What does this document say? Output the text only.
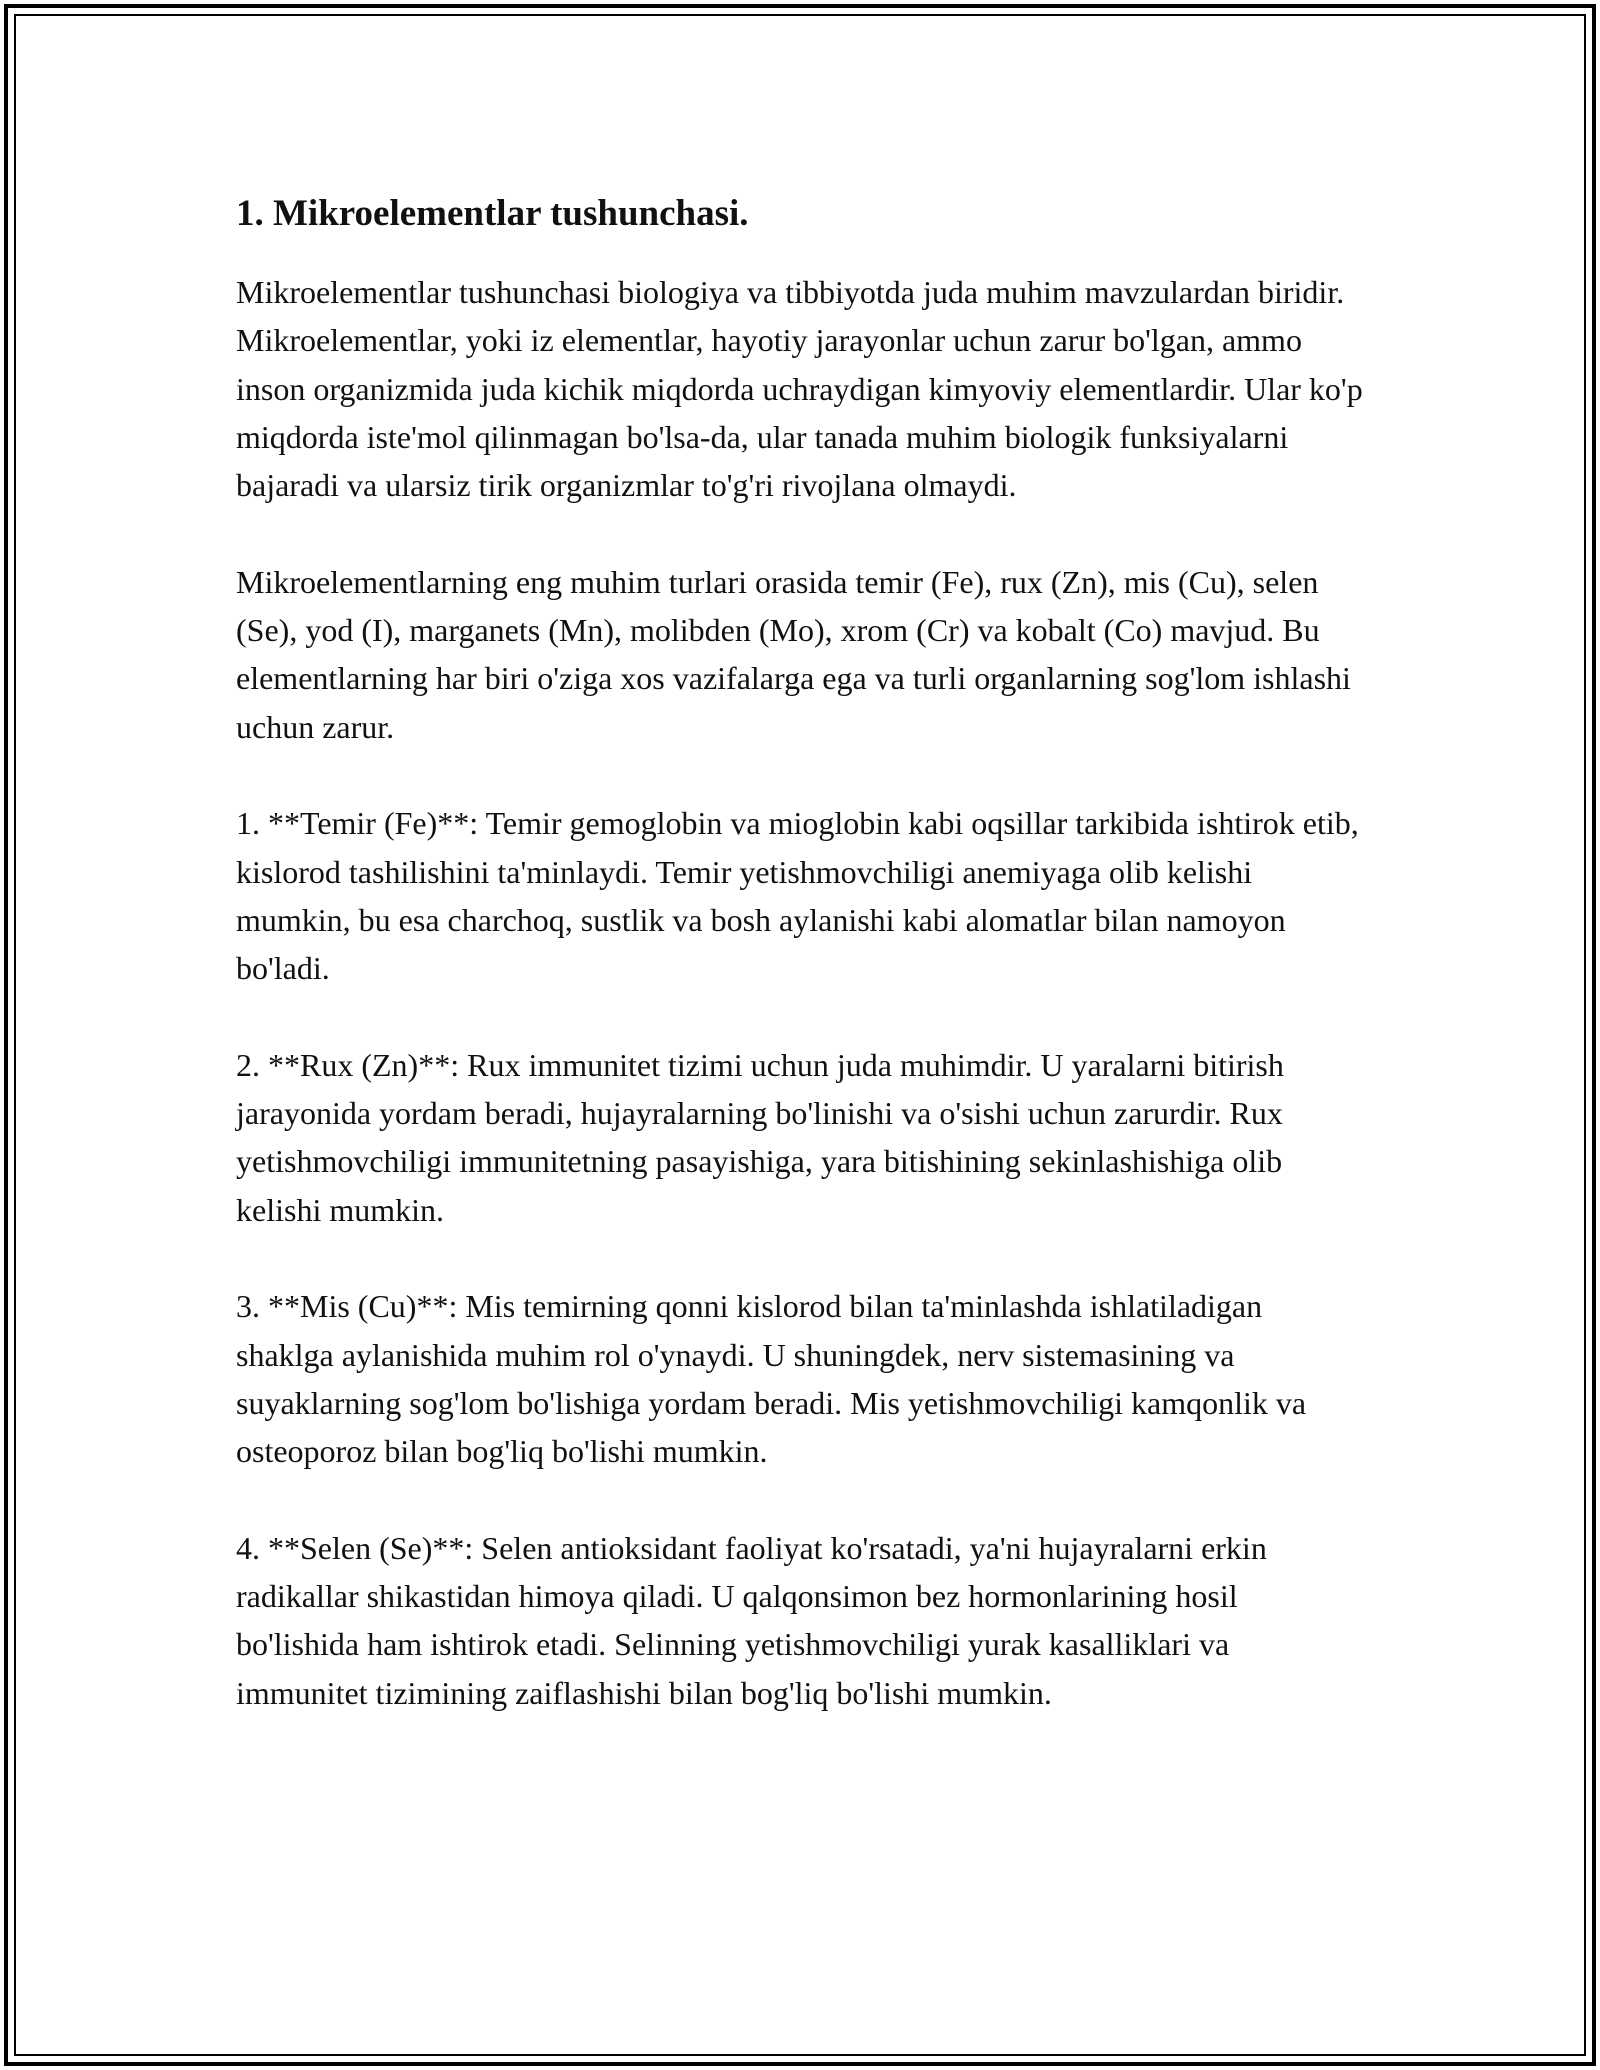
1. Mikroelementlar tushunchasi.

Mikroelementlar tushunchasi biologiya va tibbiyotda juda muhim mavzulardan biridir. Mikroelementlar, yoki iz elementlar, hayotiy jarayonlar uchun zarur bo'lgan, ammo inson organizmida juda kichik miqdorda uchraydigan kimyoviy elementlardir. Ular ko'p miqdorda iste'mol qilinmagan bo'lsa-da, ular tanada muhim biologik funksiyalarni bajaradi va ularsiz tirik organizmlar to'g'ri rivojlana olmaydi.

Mikroelementlarning eng muhim turlari orasida temir (Fe), rux (Zn), mis (Cu), selen (Se), yod (I), marganets (Mn), molibden (Mo), xrom (Cr) va kobalt (Co) mavjud. Bu elementlarning har biri o'ziga xos vazifalarga ega va turli organlarning sog'lom ishlashi uchun zarur.

1. **Temir (Fe)**: Temir gemoglobin va mioglobin kabi oqsillar tarkibida ishtirok etib, kislorod tashilishini ta'minlaydi. Temir yetishmovchiligi anemiyaga olib kelishi mumkin, bu esa charchoq, sustlik va bosh aylanishi kabi alomatlar bilan namoyon bo'ladi.

2. **Rux (Zn)**: Rux immunitet tizimi uchun juda muhimdir. U yaralarni bitirish jarayonida yordam beradi, hujayralarning bo'linishi va o'sishi uchun zarurdir. Rux yetishmovchiligi immunitetning pasayishiga, yara bitishining sekinlashishiga olib kelishi mumkin.

3. **Mis (Cu)**: Mis temirning qonni kislorod bilan ta'minlashda ishlatiladigan shaklga aylanishida muhim rol o'ynaydi. U shuningdek, nerv sistemasining va suyaklarning sog'lom bo'lishiga yordam beradi. Mis yetishmovchiligi kamqonlik va osteoporoz bilan bog'liq bo'lishi mumkin.

4. **Selen (Se)**: Selen antioksidant faoliyat ko'rsatadi, ya'ni hujayralarni erkin radikallar shikastidan himoya qiladi. U qalqonsimon bez hormonlarining hosil bo'lishida ham ishtirok etadi. Selinning yetishmovchiligi yurak kasalliklari va immunitet tizimining zaiflashishi bilan bog'liq bo'lishi mumkin.
